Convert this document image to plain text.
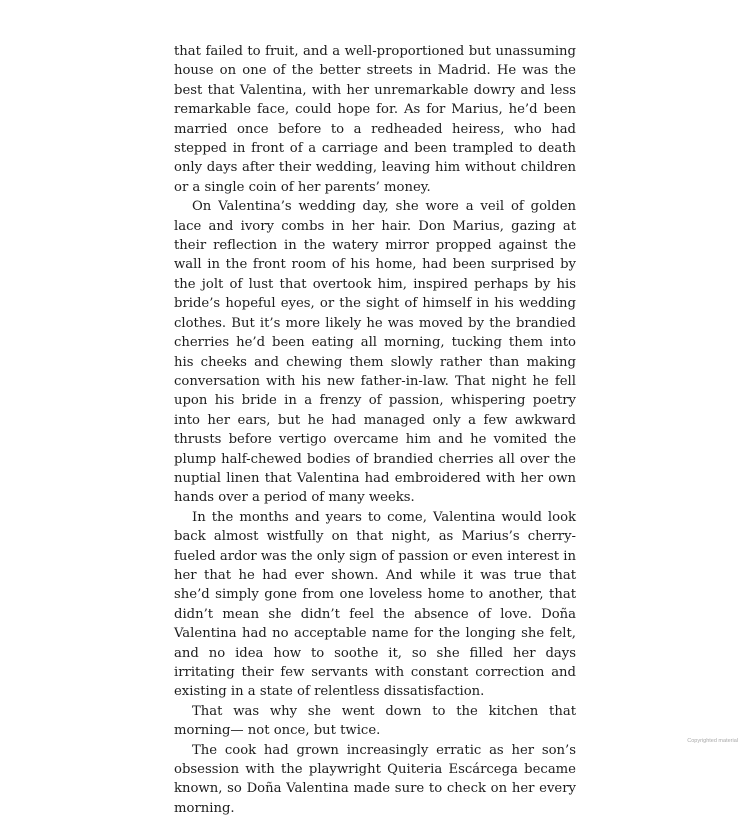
that failed to fruit, and a well-proportioned but unassuming house on one of the better streets in Madrid. He was the best that Valentina, with her unremarkable dowry and less remarkable face, could hope for. As for Marius, he’d been married once before to a redheaded heiress, who had stepped in front of a carriage and been trampled to death only days after their wedding, leaving him without children or a single coin of her parents’ money.

On Valentina’s wedding day, she wore a veil of golden lace and ivory combs in her hair. Don Marius, gazing at their reflection in the watery mirror propped against the wall in the front room of his home, had been surprised by the jolt of lust that overtook him, inspired perhaps by his bride’s hopeful eyes, or the sight of himself in his wedding clothes. But it’s more likely he was moved by the brandied cherries he’d been eating all morning, tucking them into his cheeks and chewing them slowly rather than making conversation with his new father-in-law. That night he fell upon his bride in a frenzy of passion, whispering poetry into her ears, but he had managed only a few awkward thrusts before vertigo overcame him and he vomited the plump half-chewed bodies of brandied cherries all over the nuptial linen that Valentina had embroidered with her own hands over a period of many weeks.

In the months and years to come, Valentina would look back almost wistfully on that night, as Marius’s cherry-fueled ardor was the only sign of passion or even interest in her that he had ever shown. And while it was true that she’d simply gone from one loveless home to another, that didn’t mean she didn’t feel the absence of love. Doña Valentina had no acceptable name for the longing she felt, and no idea how to soothe it, so she filled her days irritating their few servants with constant correction and existing in a state of relentless dissatisfaction.

That was why she went down to the kitchen that morning— not once, but twice.

The cook had grown increasingly erratic as her son’s obsession with the playwright Quiteria Escárcega became known, so Doña Valentina made sure to check on her every morning.

Copyrighted material
